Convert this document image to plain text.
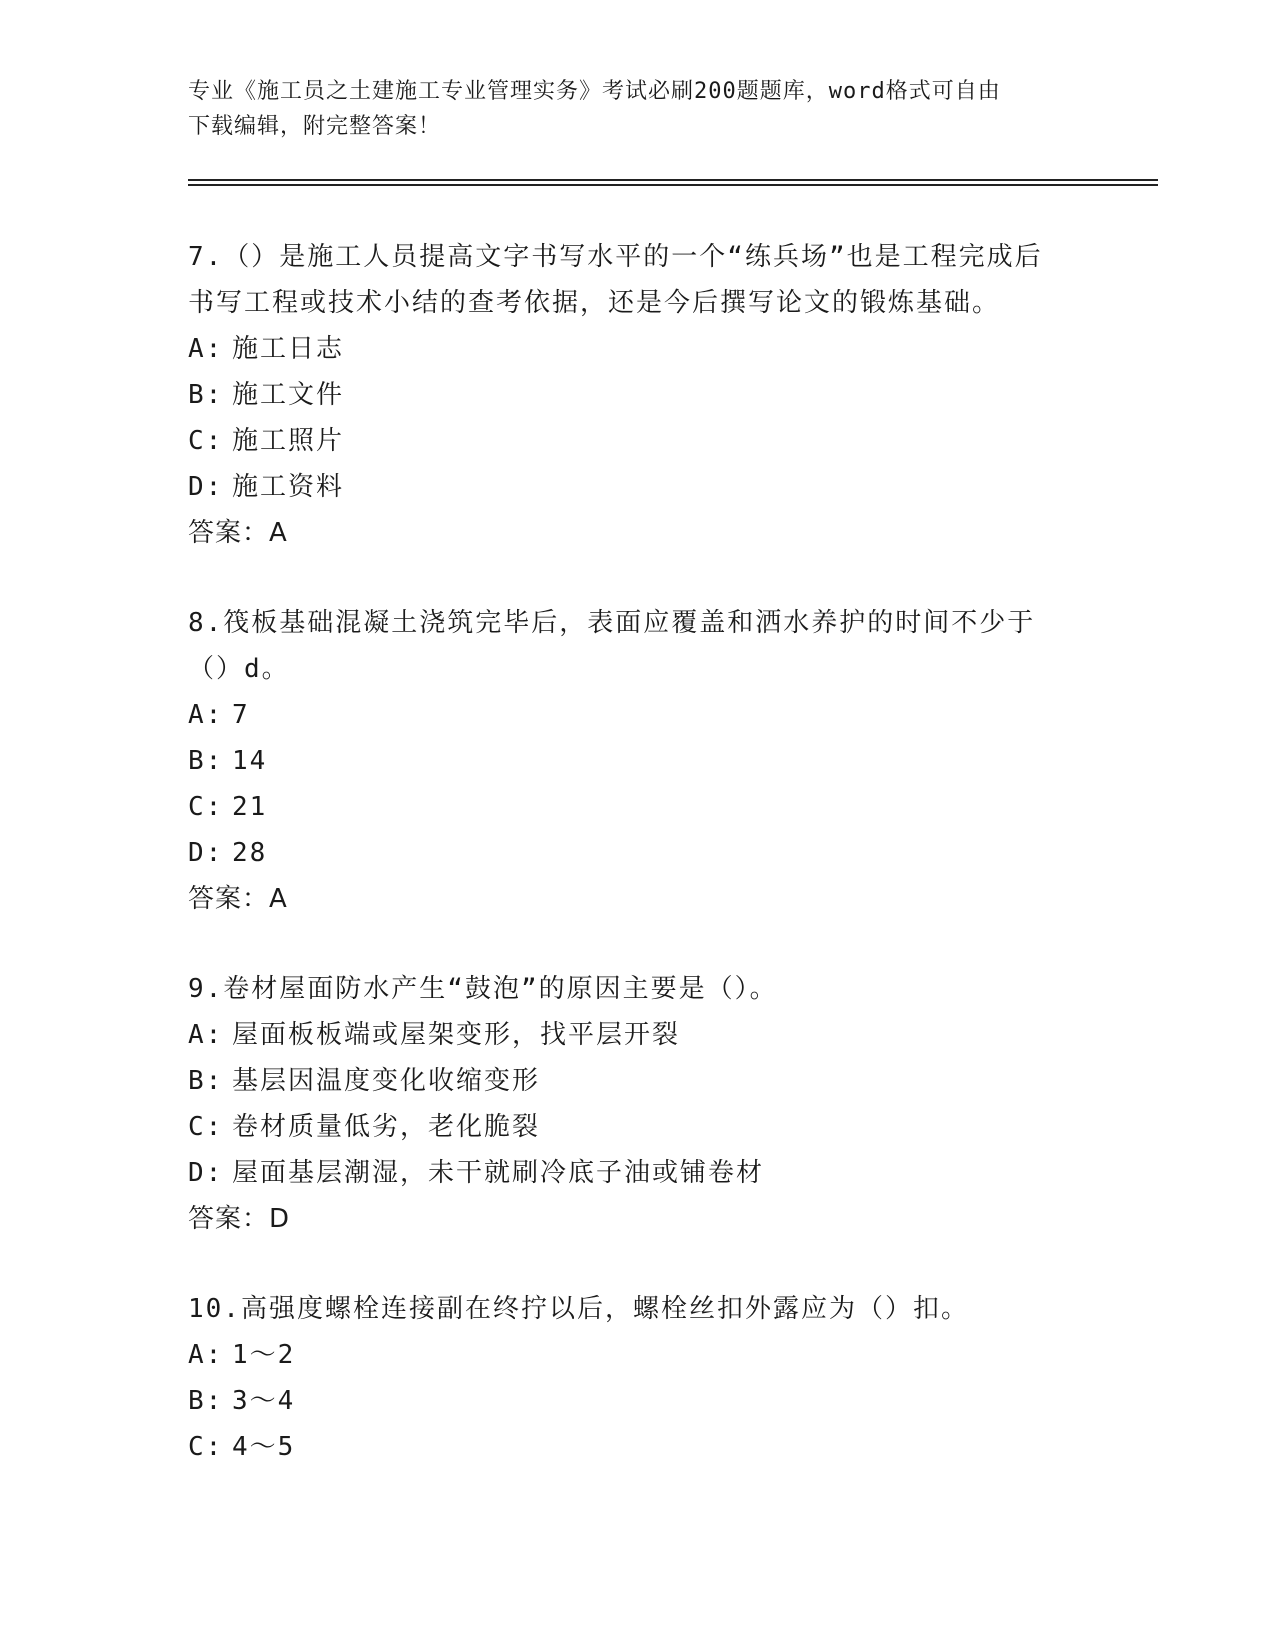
专业《施工员之土建施工专业管理实务》考试必刷200题题库，word格式可自由
下载编辑，附完整答案！

7.（）是施工人员提高文字书写水平的一个“练兵场”也是工程完成后书写工程或技术小结的查考依据，还是今后撰写论文的锻炼基础。

A: 施工日志
B: 施工文件
C: 施工照片
D: 施工资料
答案：A

8.筏板基础混凝土浇筑完毕后，表面应覆盖和洒水养护的时间不少于（）d。

A: 7
B: 14
C: 21
D: 28
答案：A

9.卷材屋面防水产生“鼓泡”的原因主要是（）。

A: 屋面板板端或屋架变形，找平层开裂
B: 基层因温度变化收缩变形
C: 卷材质量低劣，老化脆裂
D: 屋面基层潮湿，未干就刷冷底子油或铺卷材
答案：D

10.高强度螺栓连接副在终拧以后，螺栓丝扣外露应为（）扣。

A: 1～2
B: 3～4
C: 4～5
